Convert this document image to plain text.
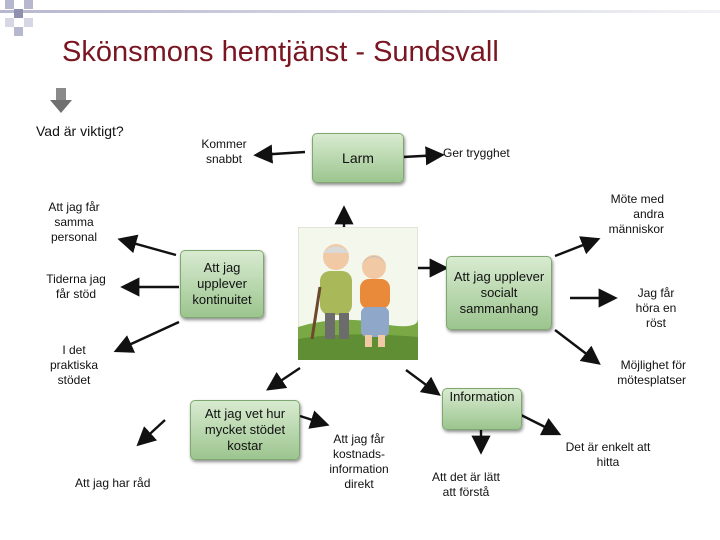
Skönsmons hemtjänst - Sundsvall
Vad är viktigt?
Larm
Att jag upplever kontinuitet
Att jag upplever socialt sammanhang
Att jag vet hur mycket stödet kostar
Information
Kommer snabbt	Ger trygghet
Att jag får samma personal
Tiderna jag får stöd
Möte med andra människor
Jag får höra en röst
I det praktiska stödet
Möjlighet för mötesplatser
Att jag har råd
Att jag får kostnads-information direkt	Att det är lätt att förstå
Det är enkelt att hitta
